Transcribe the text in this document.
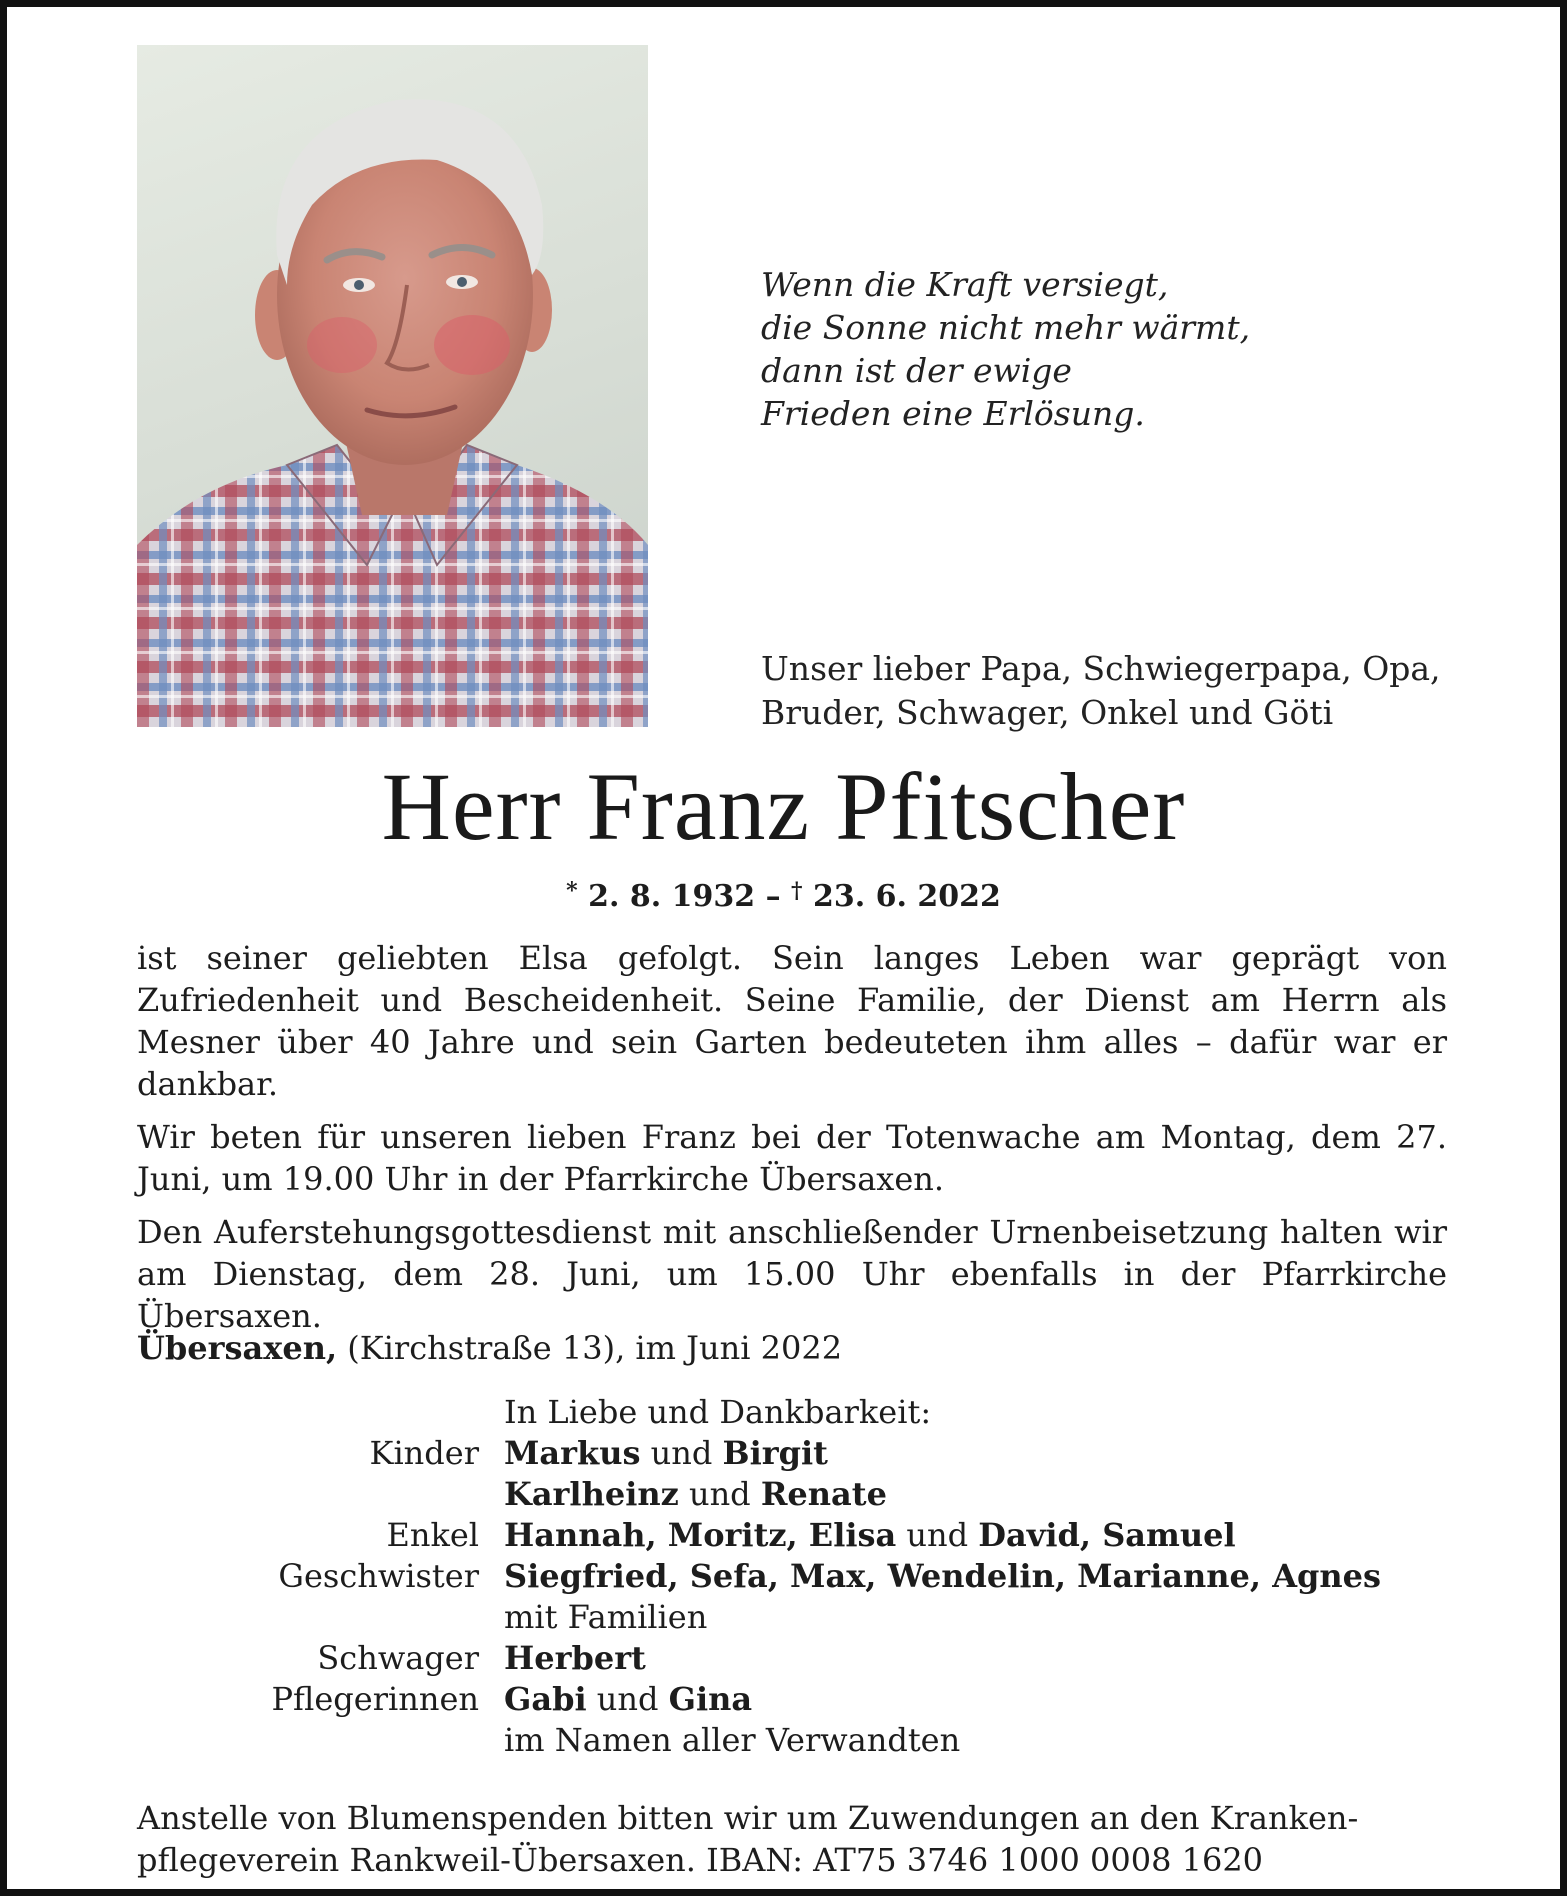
Wenn die Kraft versiegt,
die Sonne nicht mehr wärmt,
dann ist der ewige
Frieden eine Erlösung.
Unser lieber Papa, Schwiegerpapa, Opa,
Bruder, Schwager, Onkel und Göti
Herr Franz Pfitscher
* 2. 8. 1932 – † 23. 6. 2022

ist seiner geliebten Elsa gefolgt. Sein langes Leben war geprägt von Zufriedenheit und Bescheidenheit. Seine Familie, der Dienst am Herrn als Mesner über 40 Jahre und sein Garten bedeuteten ihm alles – dafür war er dankbar.

Wir beten für unseren lieben Franz bei der Totenwache am Montag, dem 27. Juni, um 19.00 Uhr in der Pfarrkirche Übersaxen.

Den Auferstehungsgottesdienst mit anschließender Urnenbeisetzung halten wir am Dienstag, dem 28. Juni, um 15.00 Uhr ebenfalls in der Pfarrkirche Übersaxen.

Übersaxen, (Kirchstraße 13), im Juni 2022
In Liebe und Dankbarkeit:
Kinder Markus und Birgit
Karlheinz und Renate
Enkel Hannah, Moritz, Elisa und David, Samuel
Geschwister Siegfried, Sefa, Max, Wendelin, Marianne, Agnes
mit Familien
Schwager Herbert
Pflegerinnen Gabi und Gina
im Namen aller Verwandten
Anstelle von Blumenspenden bitten wir um Zuwendungen an den Kranken-
pflegeverein Rankweil-Übersaxen. IBAN: AT75 3746 1000 0008 1620
